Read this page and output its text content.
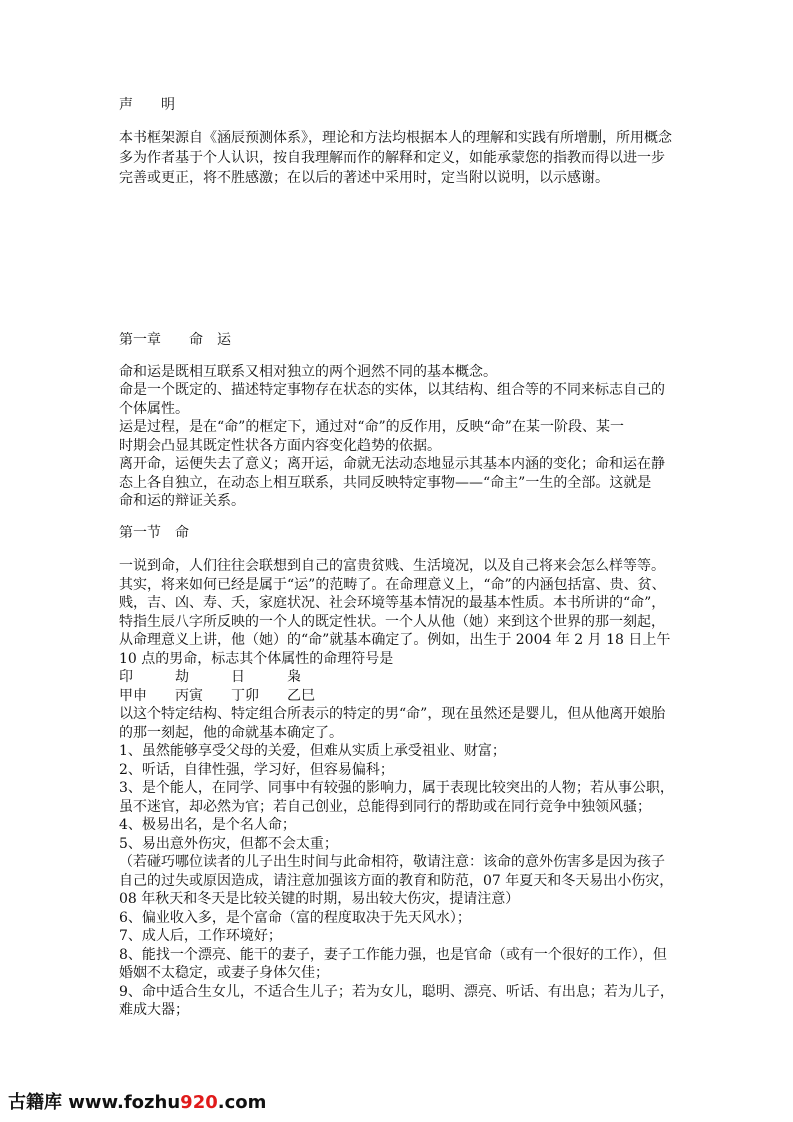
声　　明

本书框架源自《涵辰预测体系》，理论和方法均根据本人的理解和实践有所增删，所用概念

多为作者基于个人认识，按自我理解而作的解释和定义，如能承蒙您的指教而得以进一步

完善或更正，将不胜感激；在以后的著述中采用时，定当附以说明，以示感谢。

第一章　　命　运

命和运是既相互联系又相对独立的两个迥然不同的基本概念。

命是一个既定的、描述特定事物存在状态的实体，以其结构、组合等的不同来标志自己的

个体属性。

运是过程，是在“命”的框定下，通过对“命”的反作用，反映“命”在某一阶段、某一

时期会凸显其既定性状各方面内容变化趋势的依据。

离开命，运便失去了意义；离开运，命就无法动态地显示其基本内涵的变化；命和运在静

态上各自独立，在动态上相互联系，共同反映特定事物——“命主”一生的全部。这就是

命和运的辩证关系。

第一节　命

一说到命，人们往往会联想到自己的富贵贫贱、生活境况，以及自己将来会怎么样等等。

其实，将来如何已经是属于“运”的范畴了。在命理意义上，“命”的内涵包括富、贵、贫、

贱，吉、凶、寿、夭，家庭状况、社会环境等基本情况的最基本性质。本书所讲的“命”，

特指生辰八字所反映的一个人的既定性状。一个人从他（她）来到这个世界的那一刻起，

从命理意义上讲，他（她）的“命”就基本确定了。例如，出生于 2004 年 2 月 18 日上午

10 点的男命，标志其个体属性的命理符号是

印　　　劫　　　日　　　枭

甲申　　丙寅　　丁卯　　乙巳

以这个特定结构、特定组合所表示的特定的男“命”，现在虽然还是婴儿，但从他离开娘胎

的那一刻起，他的命就基本确定了。

1、虽然能够享受父母的关爱，但难从实质上承受祖业、财富；

2、听话，自律性强，学习好，但容易偏科；

3、是个能人，在同学、同事中有较强的影响力，属于表现比较突出的人物；若从事公职，

虽不迷官，却必然为官；若自己创业，总能得到同行的帮助或在同行竞争中独领风骚；

4、极易出名，是个名人命；

5、易出意外伤灾，但都不会太重；

（若碰巧哪位读者的儿子出生时间与此命相符，敬请注意：该命的意外伤害多是因为孩子

自己的过失或原因造成，请注意加强该方面的教育和防范，07 年夏天和冬天易出小伤灾，

08 年秋天和冬天是比较关键的时期，易出较大伤灾，提请注意）

6、偏业收入多，是个富命（富的程度取决于先天风水）；

7、成人后，工作环境好；

8、能找一个漂亮、能干的妻子，妻子工作能力强，也是官命（或有一个很好的工作），但

婚姻不太稳定，或妻子身体欠佳；

9、命中适合生女儿，不适合生儿子；若为女儿，聪明、漂亮、听话、有出息；若为儿子，

难成大器；

古籍库 www.fozhu920.com
